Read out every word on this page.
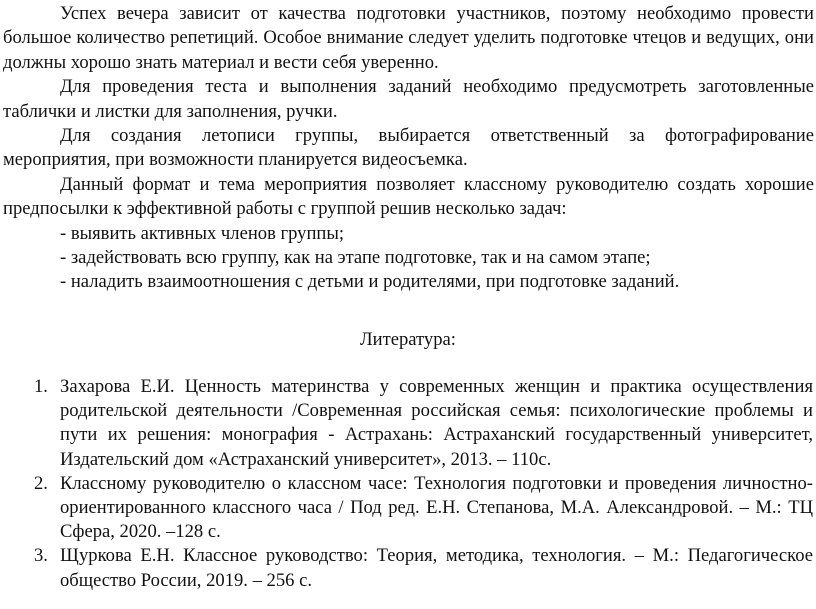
Успех вечера зависит от качества подготовки участников, поэтому необходимо провести большое количество репетиций. Особое внимание следует уделить подготовке чтецов и ведущих, они должны хорошо знать материал и вести себя уверенно.

Для проведения теста и выполнения заданий необходимо предусмотреть заготовленные таблички и листки для заполнения, ручки.

Для создания летописи группы, выбирается ответственный за фотографирование мероприятия, при возможности планируется видеосъемка.

Данный формат и тема мероприятия позволяет классному руководителю создать хорошие предпосылки к эффективной работы с группой решив несколько задач:

- выявить активных членов группы;

- задействовать всю группу, как на этапе подготовке, так и на самом этапе;

- наладить взаимоотношения с детьми и родителями, при подготовке заданий.

Литература:

1. Захарова Е.И. Ценность материнства у современных женщин и практика осуществления родительской деятельности /Современная российская семья: психологические проблемы и пути их решения: монография - Астрахань: Астраханский государственный университет, Издательский дом «Астраханский университет», 2013. – 110с.
2. Классному руководителю о классном часе: Технология подготовки и проведения личностно-ориентированного классного часа / Под ред. Е.Н. Степанова, М.А. Александровой. – М.: ТЦ Сфера, 2020. –128 с.
3. Щуркова Е.Н. Классное руководство: Теория, методика, технология. – М.: Педагогическое общество России, 2019. – 256 с.
